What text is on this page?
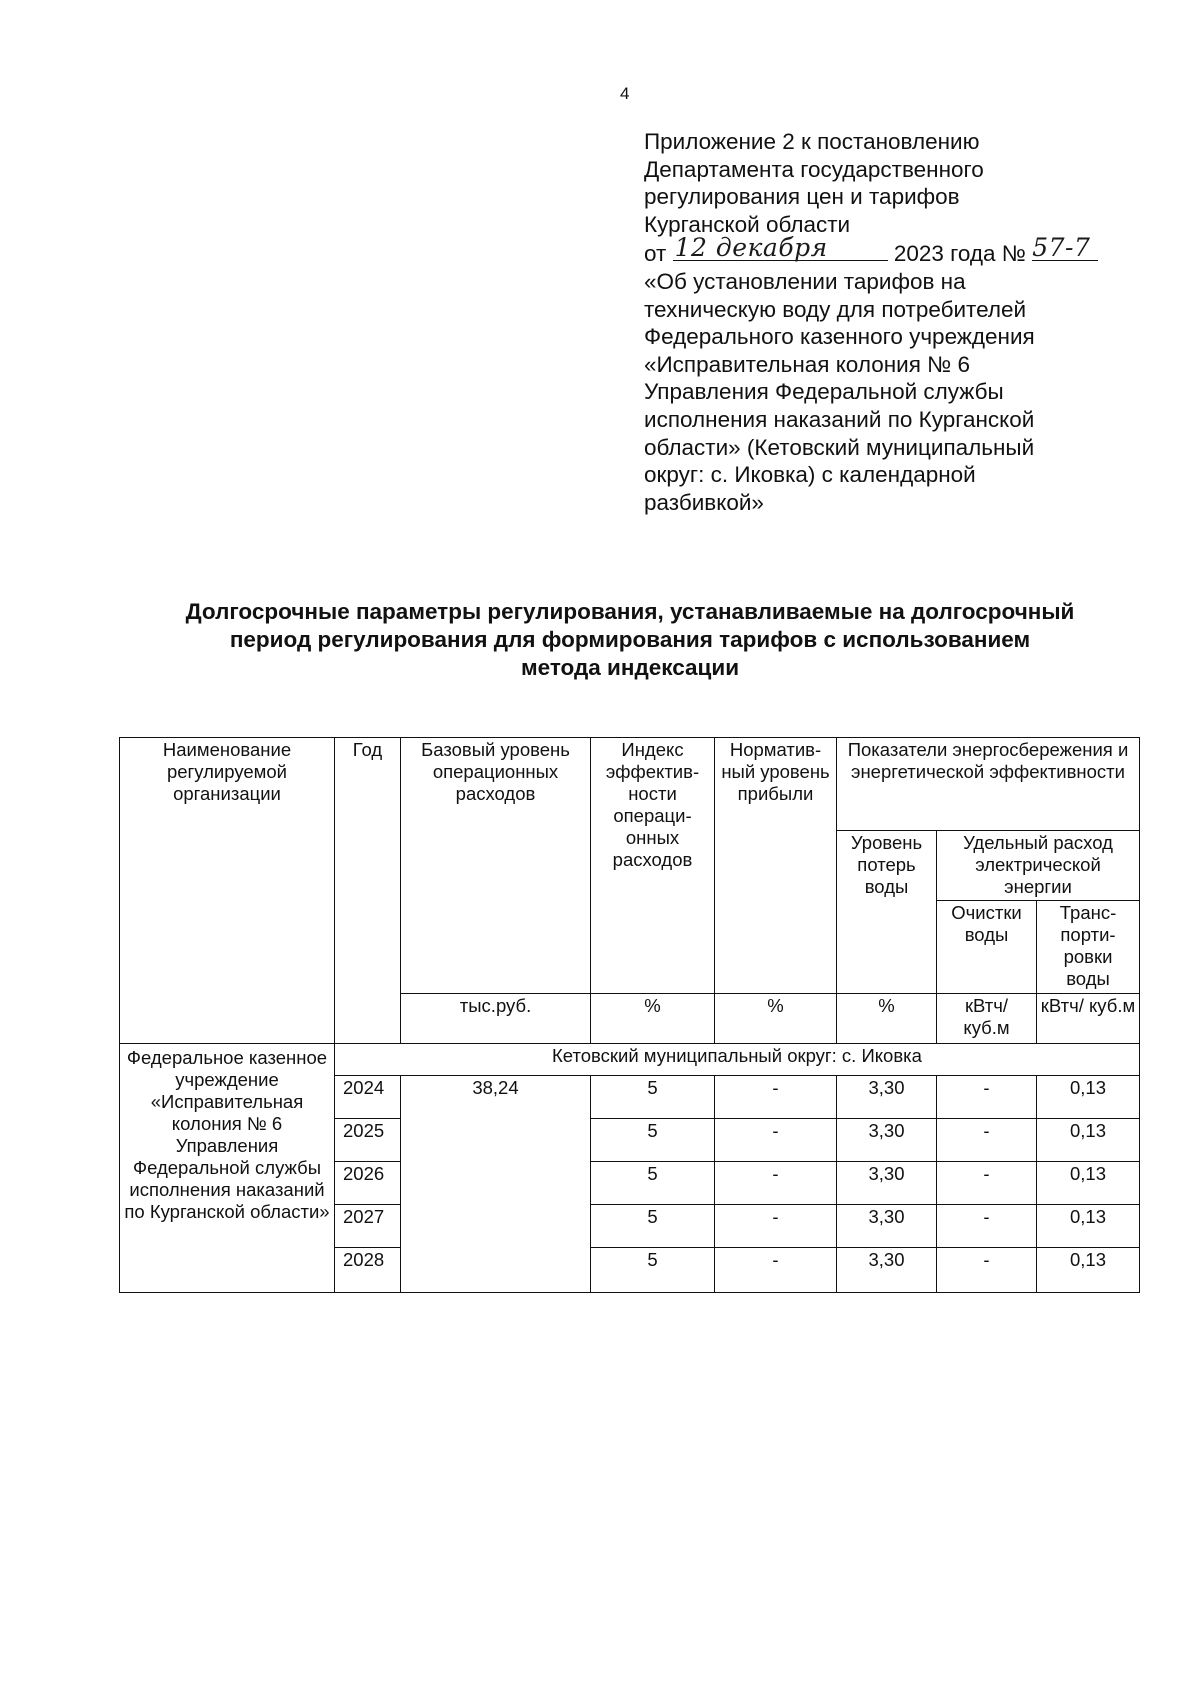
4
Приложение 2 к постановлению
Департамента государственного
регулирования цен и тарифов
Курганской области
от 12 декабря	2023 года № 57-7
«Об установлении тарифов на
техническую воду для потребителей
Федерального казенного учреждения
«Исправительная колония № 6
Управления Федеральной службы
исполнения наказаний по Курганской
области» (Кетовский муниципальный
округ: с. Иковка) с календарной
разбивкой»
Долгосрочные параметры регулирования, устанавливаемые на долгосрочный
период регулирования для формирования тарифов с использованием
метода индексации
Наименование регулируемой организации	Год	Базовый уровень операционных расходов	Индекс эффектив-ности операци-онных расходов	Норматив-ный уровень прибыли	Показатели энергосбережения и энергетической эффективности		
					Уровень потерь воды	Удельный расход электрической энергии	
						Очистки воды	Транс-порти-ровки воды

		тыс.руб.	%	%	%	кВтч/ куб.м	кВтч/ куб.м
Федеральное казенное учреждение «Исправительная колония № 6 Управления Федеральной службы исполнения наказаний по Курганской области»	Кетовский муниципальный округ: с. Иковка						
	2024	38,24	5	-	3,30	-	0,13
	2025		5	-	3,30	-	0,13
	2026		5	-	3,30	-	0,13
	2027		5	-	3,30	-	0,13
	2028		5	-	3,30	-	0,13
